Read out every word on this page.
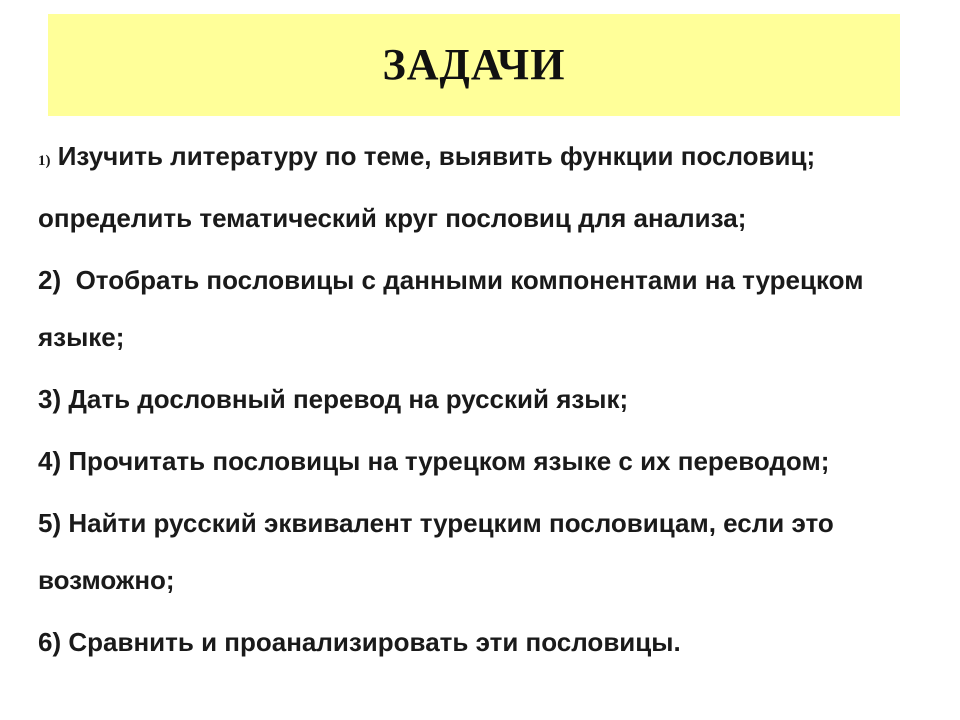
ЗАДАЧИ
1) Изучить литературу по теме, выявить функции пословиц; определить тематический круг пословиц для анализа;
2) Отобрать пословицы с данными компонентами на турецком языке;
3) Дать дословный перевод на русский язык;
4) Прочитать пословицы на турецком языке с их переводом;
5) Найти русский эквивалент турецким пословицам, если это возможно;
6) Сравнить и проанализировать эти пословицы.
